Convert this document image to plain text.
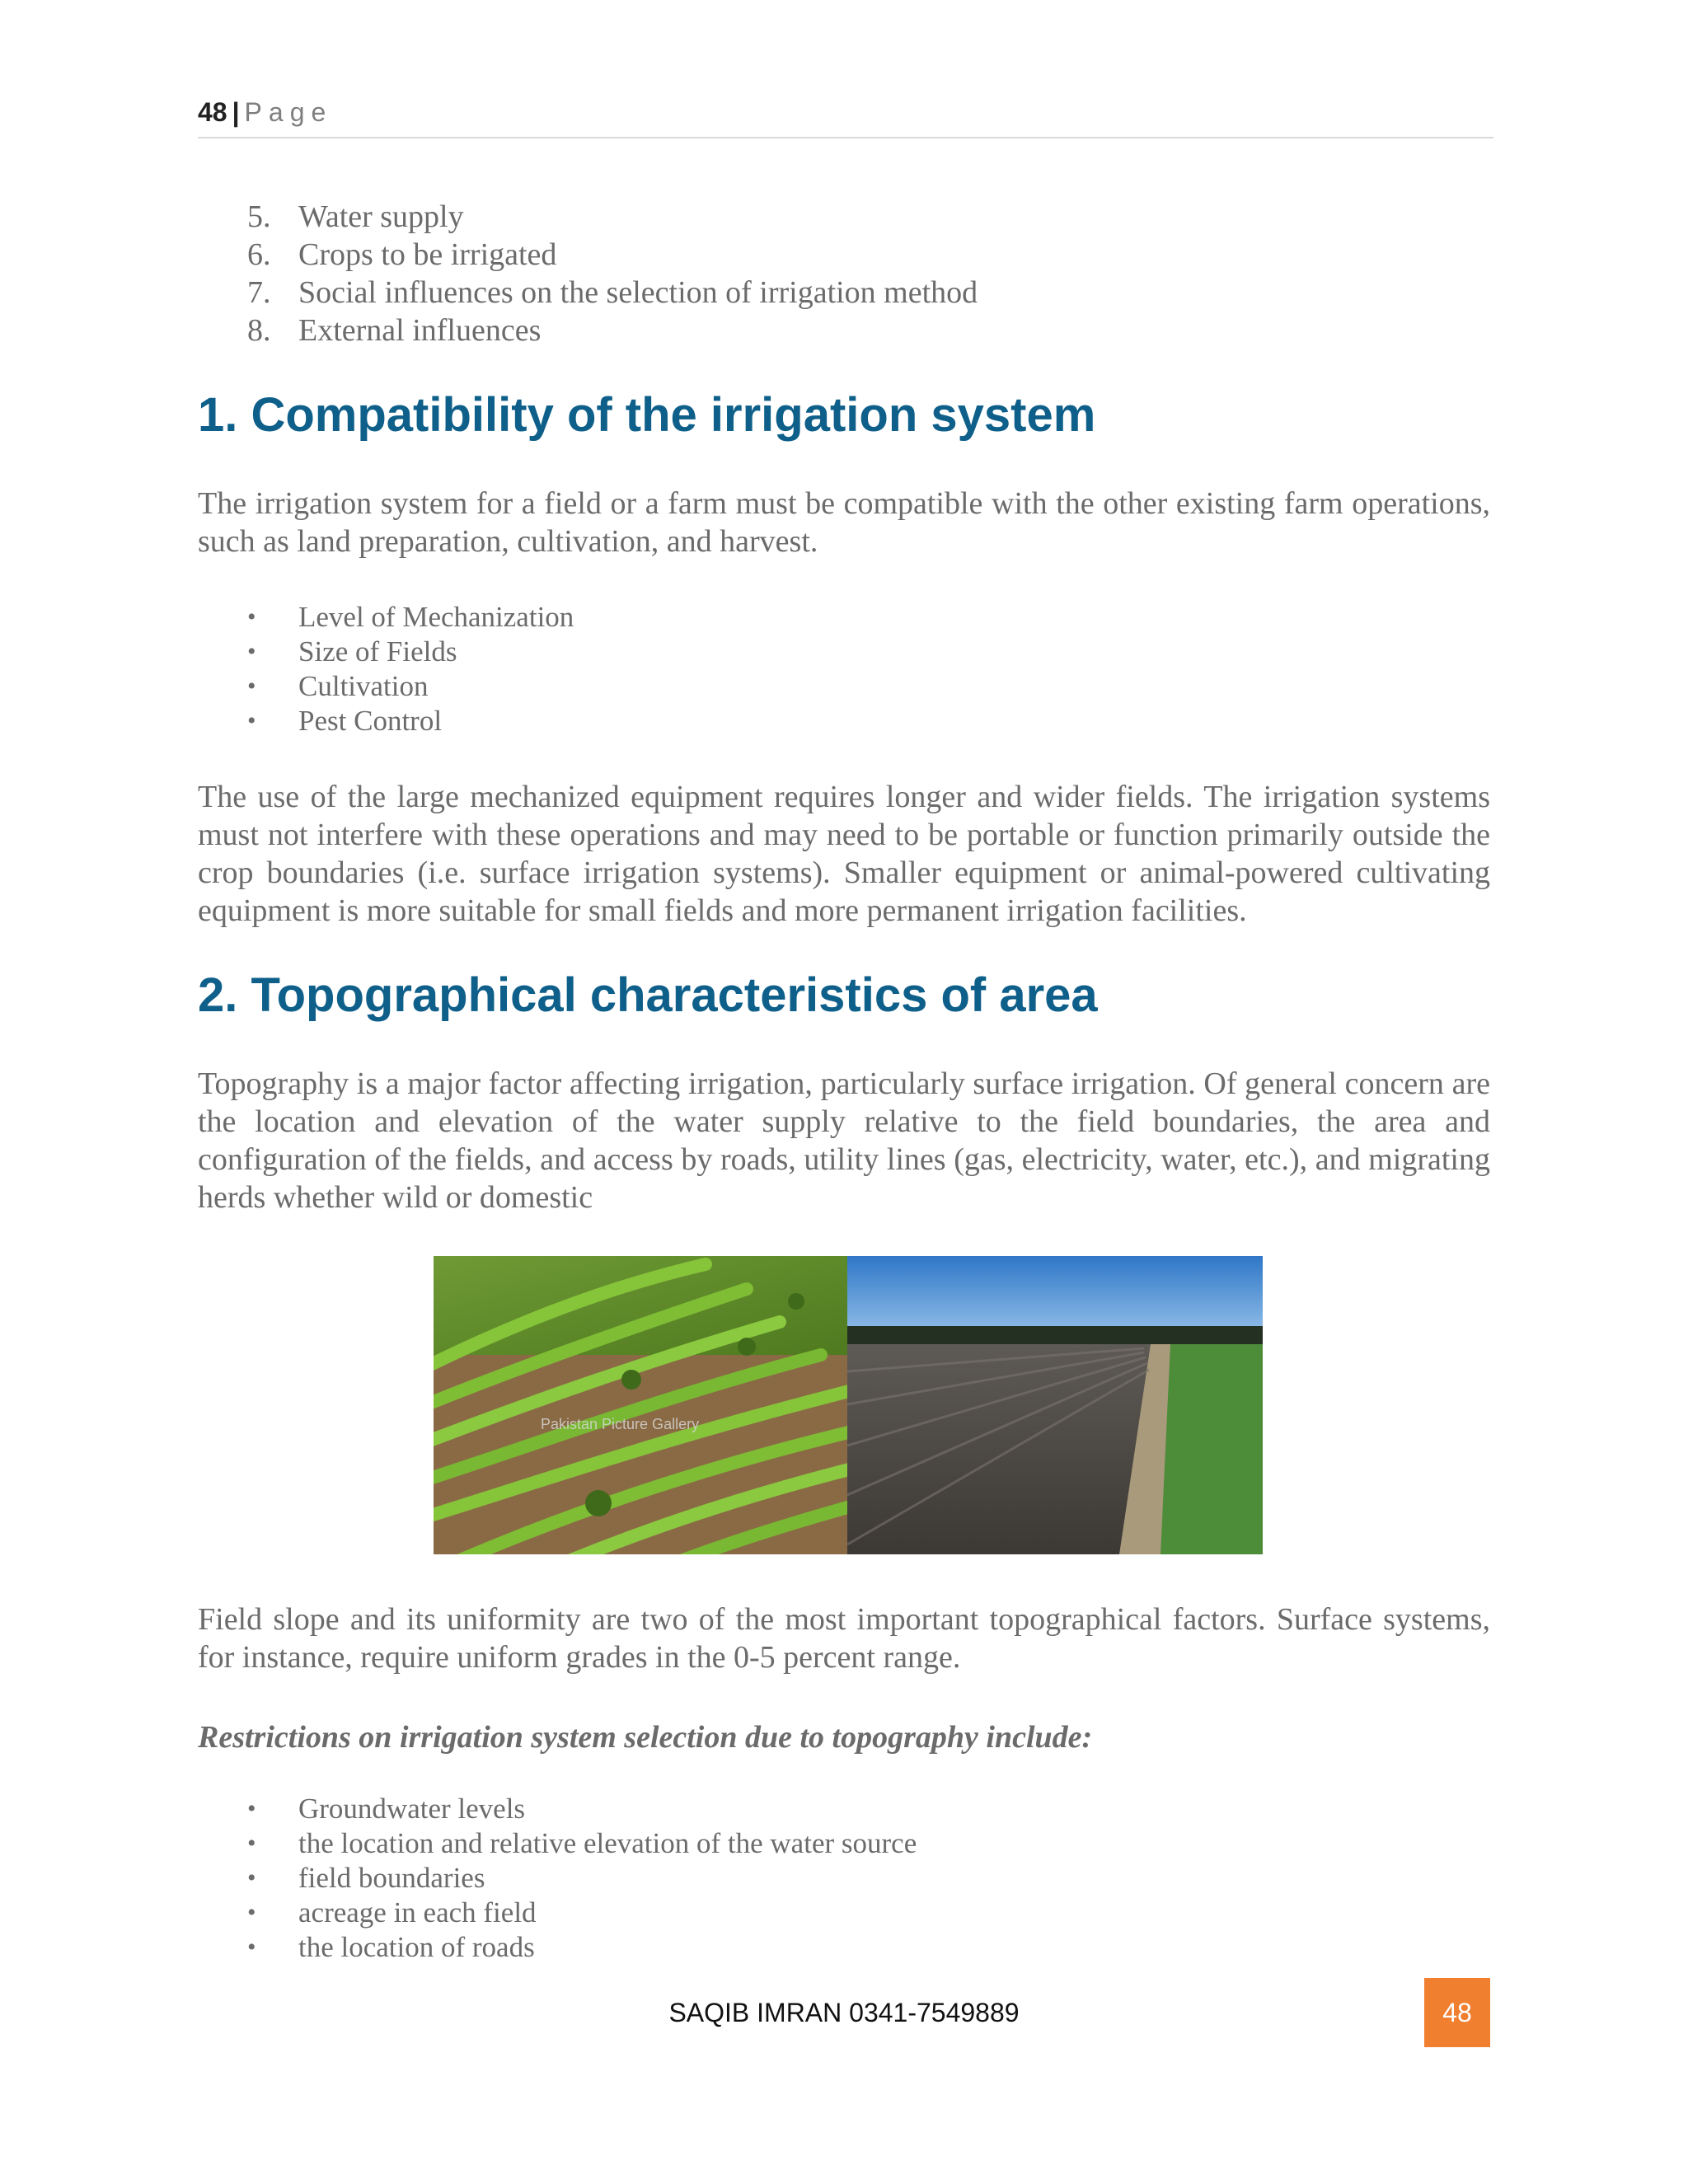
48 | Page
5. Water supply
6. Crops to be irrigated
7. Social influences on the selection of irrigation method
8. External influences
1. Compatibility of the irrigation system

The irrigation system for a field or a farm must be compatible with the other existing farm operations, such as land preparation, cultivation, and harvest.

•	Level of Mechanization
•	Size of Fields
•	Cultivation
•	Pest Control

The use of the large mechanized equipment requires longer and wider fields. The irrigation systems must not interfere with these operations and may need to be portable or function primarily outside the crop boundaries (i.e. surface irrigation systems). Smaller equipment or animal-powered cultivating equipment is more suitable for small fields and more permanent irrigation facilities.

2. Topographical characteristics of area

Topography is a major factor affecting irrigation, particularly surface irrigation. Of general concern are the location and elevation of the water supply relative to the field boundaries, the area and configuration of the fields, and access by roads, utility lines (gas, electricity, water, etc.), and migrating herds whether wild or domestic

Pakistan Picture Gallery

Field slope and its uniformity are two of the most important topographical factors. Surface systems, for instance, require uniform grades in the 0-5 percent range.

Restrictions on irrigation system selection due to topography include:

•	Groundwater levels
•	the location and relative elevation of the water source
•	field boundaries
•	acreage in each field
•	the location of roads
SAQIB IMRAN 0341-7549889	48
